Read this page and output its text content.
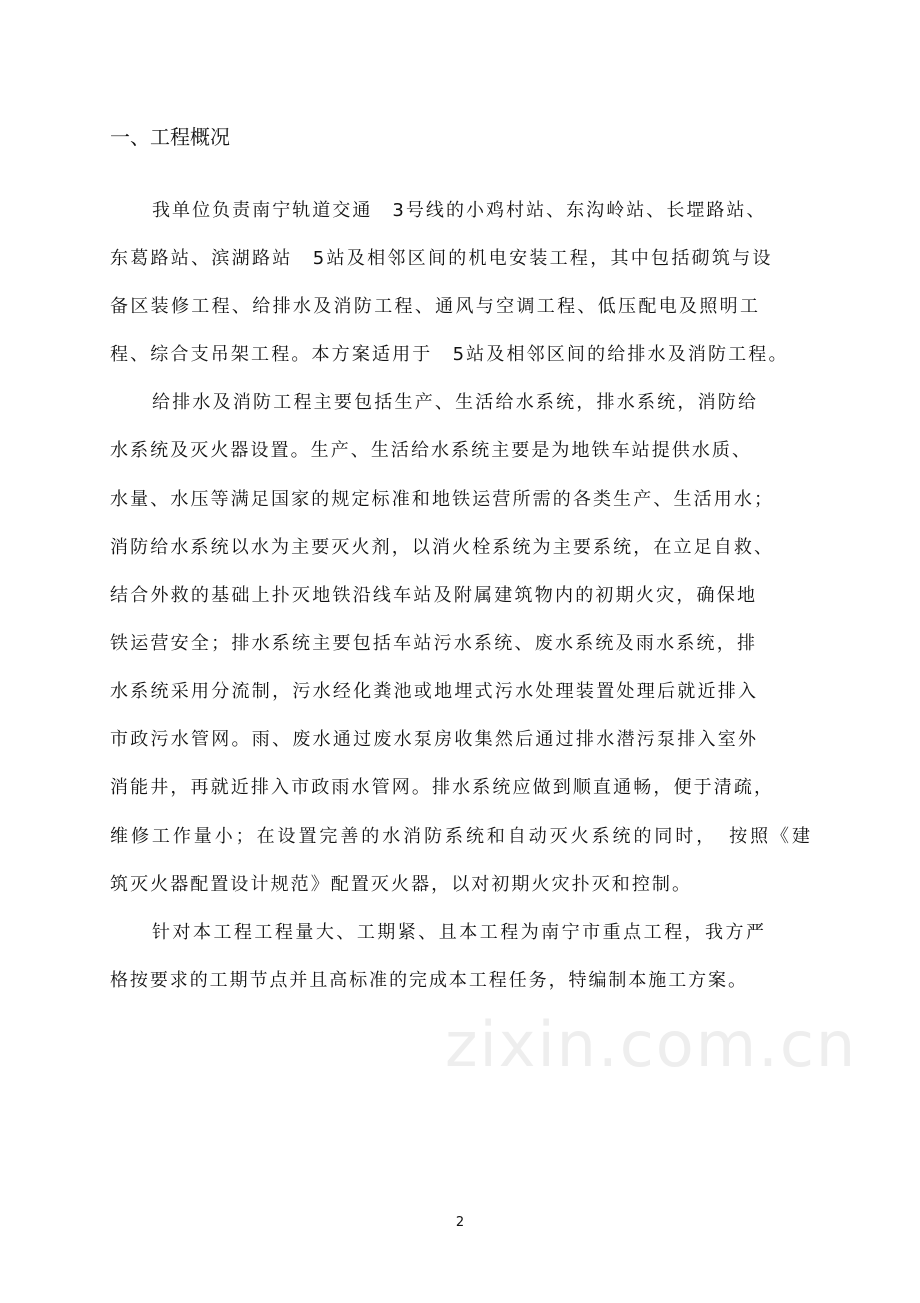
一、工程概况
我单位负责南宁轨道交通　3号线的小鸡村站、东沟岭站、长堽路站、
东葛路站、滨湖路站　5站及相邻区间的机电安装工程，其中包括砌筑与设
备区装修工程、给排水及消防工程、通风与空调工程、低压配电及照明工
程、综合支吊架工程。本方案适用于　5站及相邻区间的给排水及消防工程。
给排水及消防工程主要包括生产、生活给水系统，排水系统，消防给
水系统及灭火器设置。生产、生活给水系统主要是为地铁车站提供水质、
水量、水压等满足国家的规定标准和地铁运营所需的各类生产、生活用水；
消防给水系统以水为主要灭火剂，以消火栓系统为主要系统，在立足自救、
结合外救的基础上扑灭地铁沿线车站及附属建筑物内的初期火灾，确保地
铁运营安全；排水系统主要包括车站污水系统、废水系统及雨水系统，排
水系统采用分流制，污水经化粪池或地埋式污水处理装置处理后就近排入
市政污水管网。雨、废水通过废水泵房收集然后通过排水潜污泵排入室外
消能井，再就近排入市政雨水管网。排水系统应做到顺直通畅，便于清疏，
维修工作量小；在设置完善的水消防系统和自动灭火系统的同时，　按照《建
筑灭火器配置设计规范》配置灭火器，以对初期火灾扑灭和控制。
针对本工程工程量大、工期紧、且本工程为南宁市重点工程，我方严
格按要求的工期节点并且高标准的完成本工程任务，特编制本施工方案。
zixin.com.cn
2
